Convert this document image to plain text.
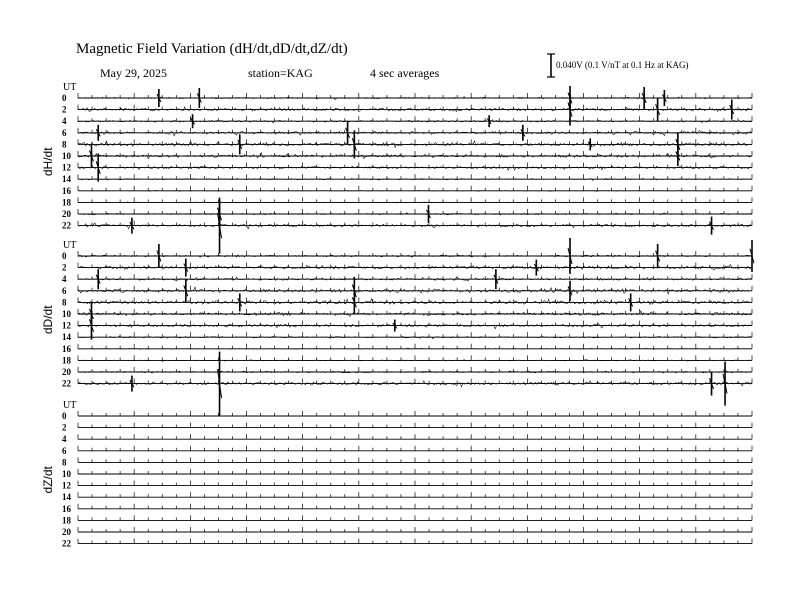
Magnetic Field Variation (dH/dt,dD/dt,dZ/dt)
May 29, 2025	station=KAG	4 sec averages
0.040V (0.1 V/nT at 0.1 Hz at KAG)
UT
dH/dt
0
2
4
6
8
10
12
14
16
18
20
22
UT
dD/dt
0
2
4
6
8
10
12
14
16
18
20
22
UT
dZ/dt
0
2
4
6
8
10
12
14
16
18
20
22
